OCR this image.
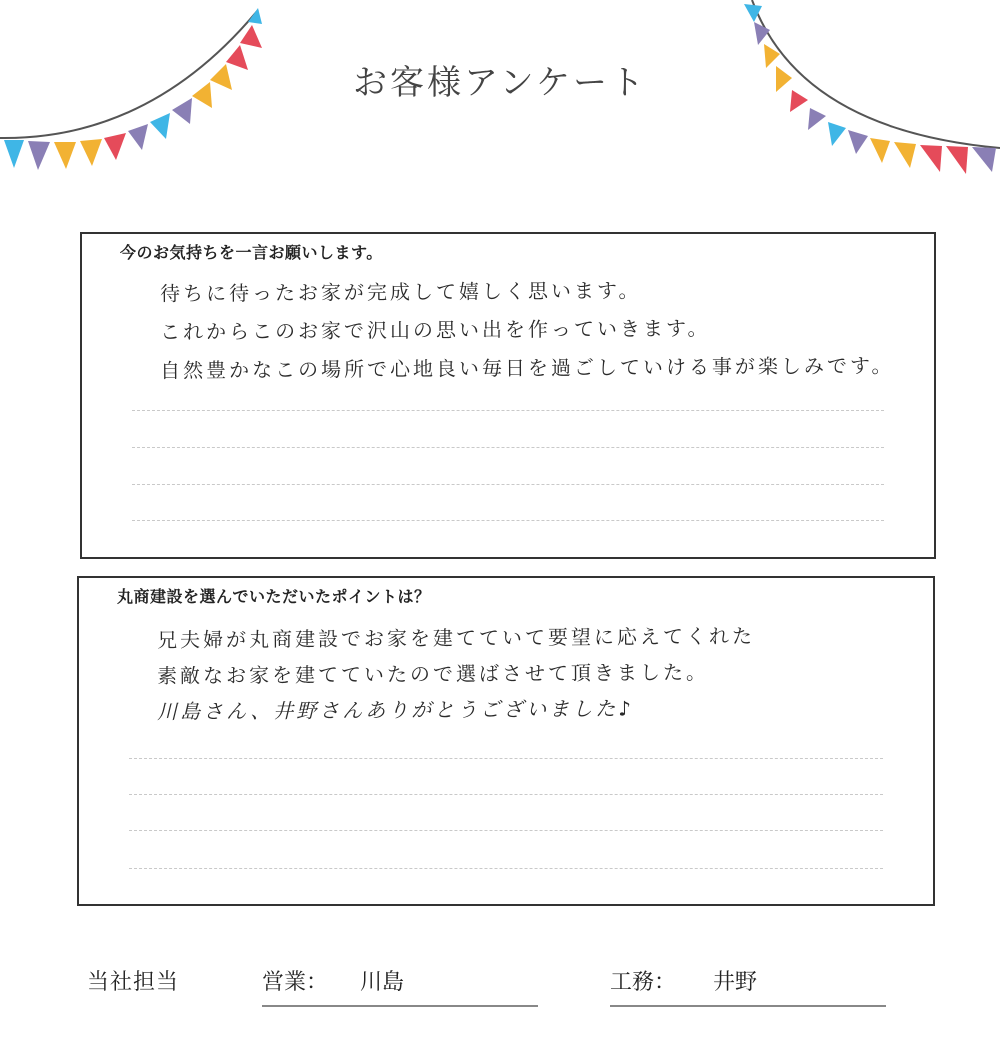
お客様アンケート
今のお気持ちを一言お願いします。
待ちに待ったお家が完成して嬉しく思います。
これからこのお家で沢山の思い出を作っていきます。
自然豊かなこの場所で心地良い毎日を過ごしていける事が楽しみです。
丸商建設を選んでいただいたポイントは？
兄夫婦が丸商建設でお家を建てていて要望に応えてくれた
素敵なお家を建てていたので選ばさせて頂きました。
川島さん、井野さんありがとうございました♪
当社担当	営業： 川島	工務： 井野
